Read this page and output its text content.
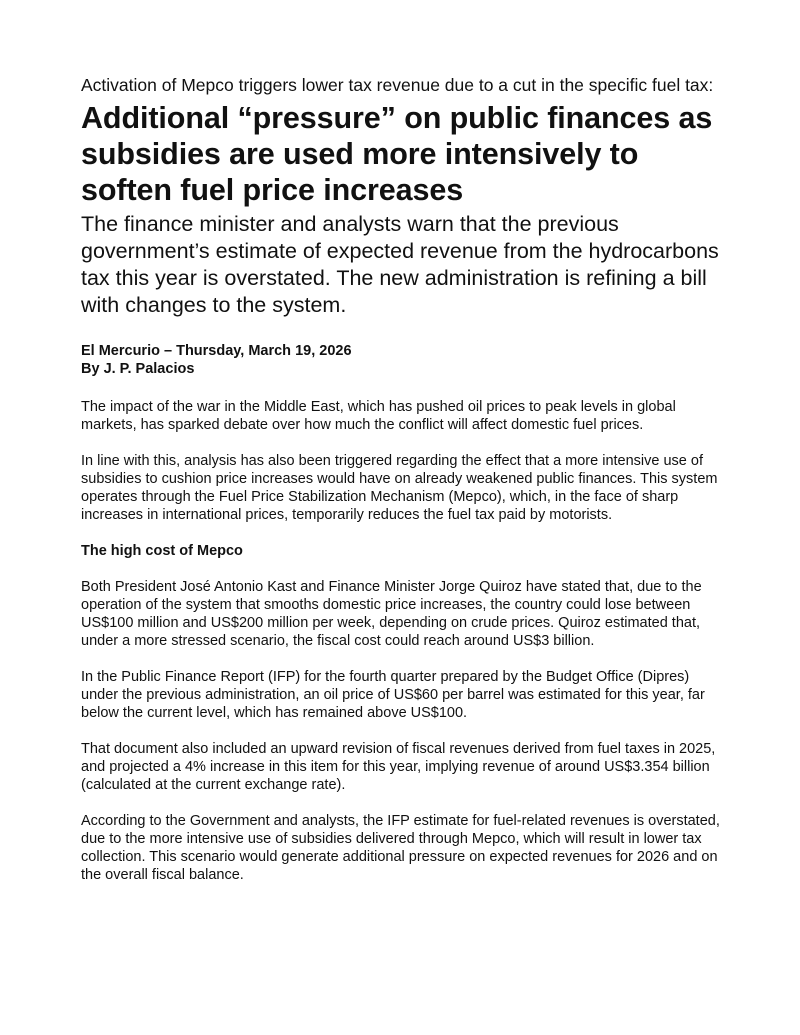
Activation of Mepco triggers lower tax revenue due to a cut in the specific fuel tax:

Additional “pressure” on public finances as subsidies are used more intensively to soften fuel price increases
The finance minister and analysts warn that the previous government’s estimate of expected revenue from the hydrocarbons tax this year is overstated. The new administration is refining a bill with changes to the system.
El Mercurio – Thursday, March 19, 2026
By J. P. Palacios

The impact of the war in the Middle East, which has pushed oil prices to peak levels in global markets, has sparked debate over how much the conflict will affect domestic fuel prices.

In line with this, analysis has also been triggered regarding the effect that a more intensive use of subsidies to cushion price increases would have on already weakened public finances. This system operates through the Fuel Price Stabilization Mechanism (Mepco), which, in the face of sharp increases in international prices, temporarily reduces the fuel tax paid by motorists.

The high cost of Mepco

Both President José Antonio Kast and Finance Minister Jorge Quiroz have stated that, due to the operation of the system that smooths domestic price increases, the country could lose between US$100 million and US$200 million per week, depending on crude prices. Quiroz estimated that, under a more stressed scenario, the fiscal cost could reach around US$3 billion.

In the Public Finance Report (IFP) for the fourth quarter prepared by the Budget Office (Dipres) under the previous administration, an oil price of US$60 per barrel was estimated for this year, far below the current level, which has remained above US$100.

That document also included an upward revision of fiscal revenues derived from fuel taxes in 2025, and projected a 4% increase in this item for this year, implying revenue of around US$3.354 billion (calculated at the current exchange rate).

According to the Government and analysts, the IFP estimate for fuel-related revenues is overstated, due to the more intensive use of subsidies delivered through Mepco, which will result in lower tax collection. This scenario would generate additional pressure on expected revenues for 2026 and on the overall fiscal balance.
